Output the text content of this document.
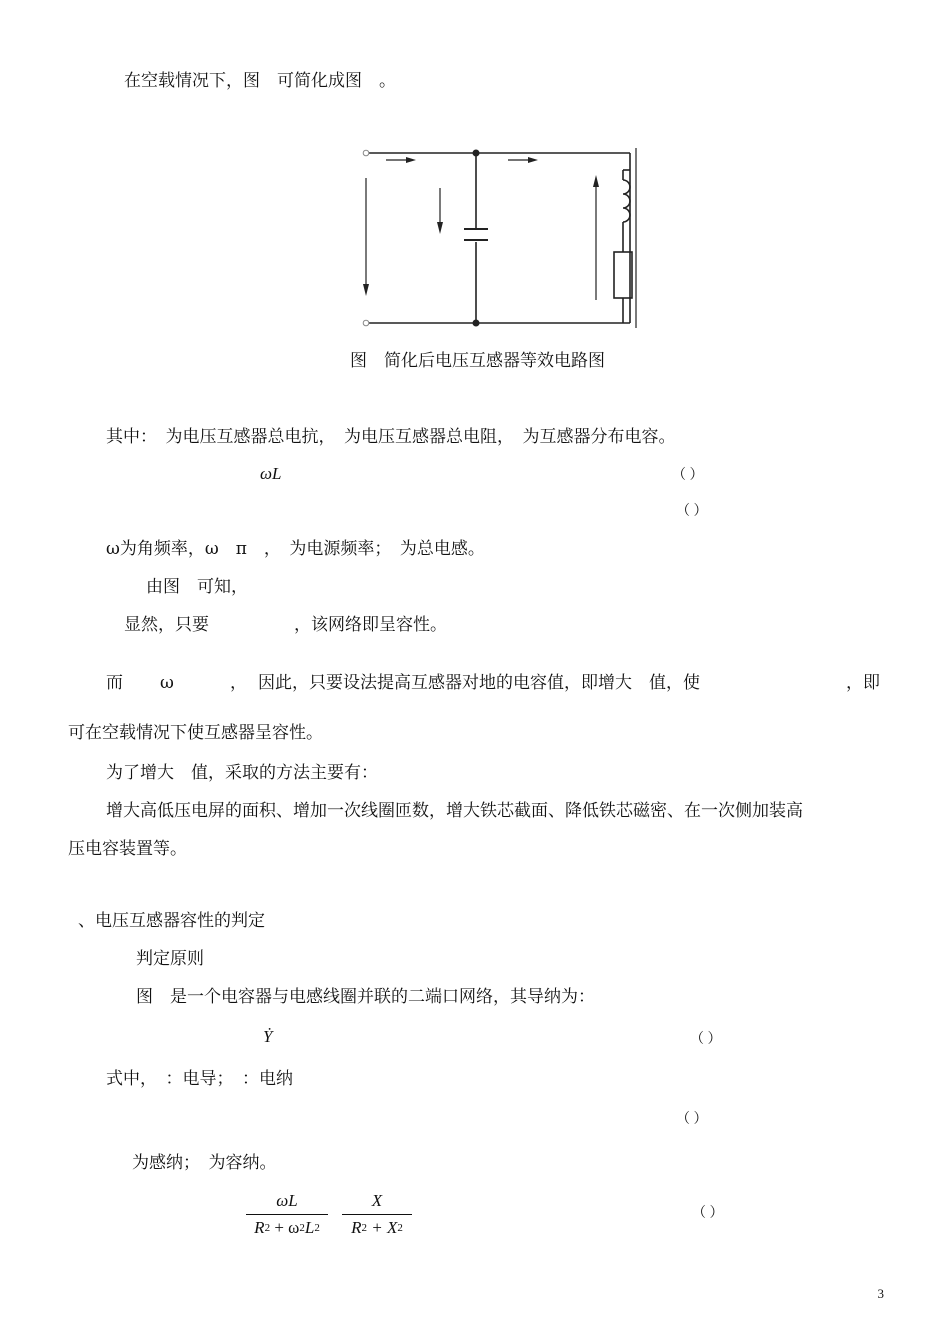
在空载情况下，图　可简化成图　。
图　简化后电压互感器等效电路图
其中：　为电压互感器总电抗，　为电压互感器总电阻，　为互感器分布电容。
ωL	（ ）
（ ）
ω为角频率，ω　π　，　为电源频率；　为总电感。
由图　可知，
显然，只要　　　　　，该网络即呈容性。
而 ω	， 因此，只要设法提高互感器对地的电容值，即增大　值，使	，即
可在空载情况下使互感器呈容性。
为了增大　值，采取的方法主要有：
增大高低压电屏的面积、增加一次线圈匝数，增大铁芯截面、降低铁芯磁密、在一次侧加装高
压电容装置等。
、电压互感器容性的判定
判定原则
图　是一个电容器与电感线圈并联的二端口网络，其导纳为：
Ẏ	（ ）
式中，　：电导；　：电纳
（ ）
为感纳；　为容纳。
ωL
$R^2 + \omega^2L^2$
X
$R^2 + X^2$
（ ）
3
